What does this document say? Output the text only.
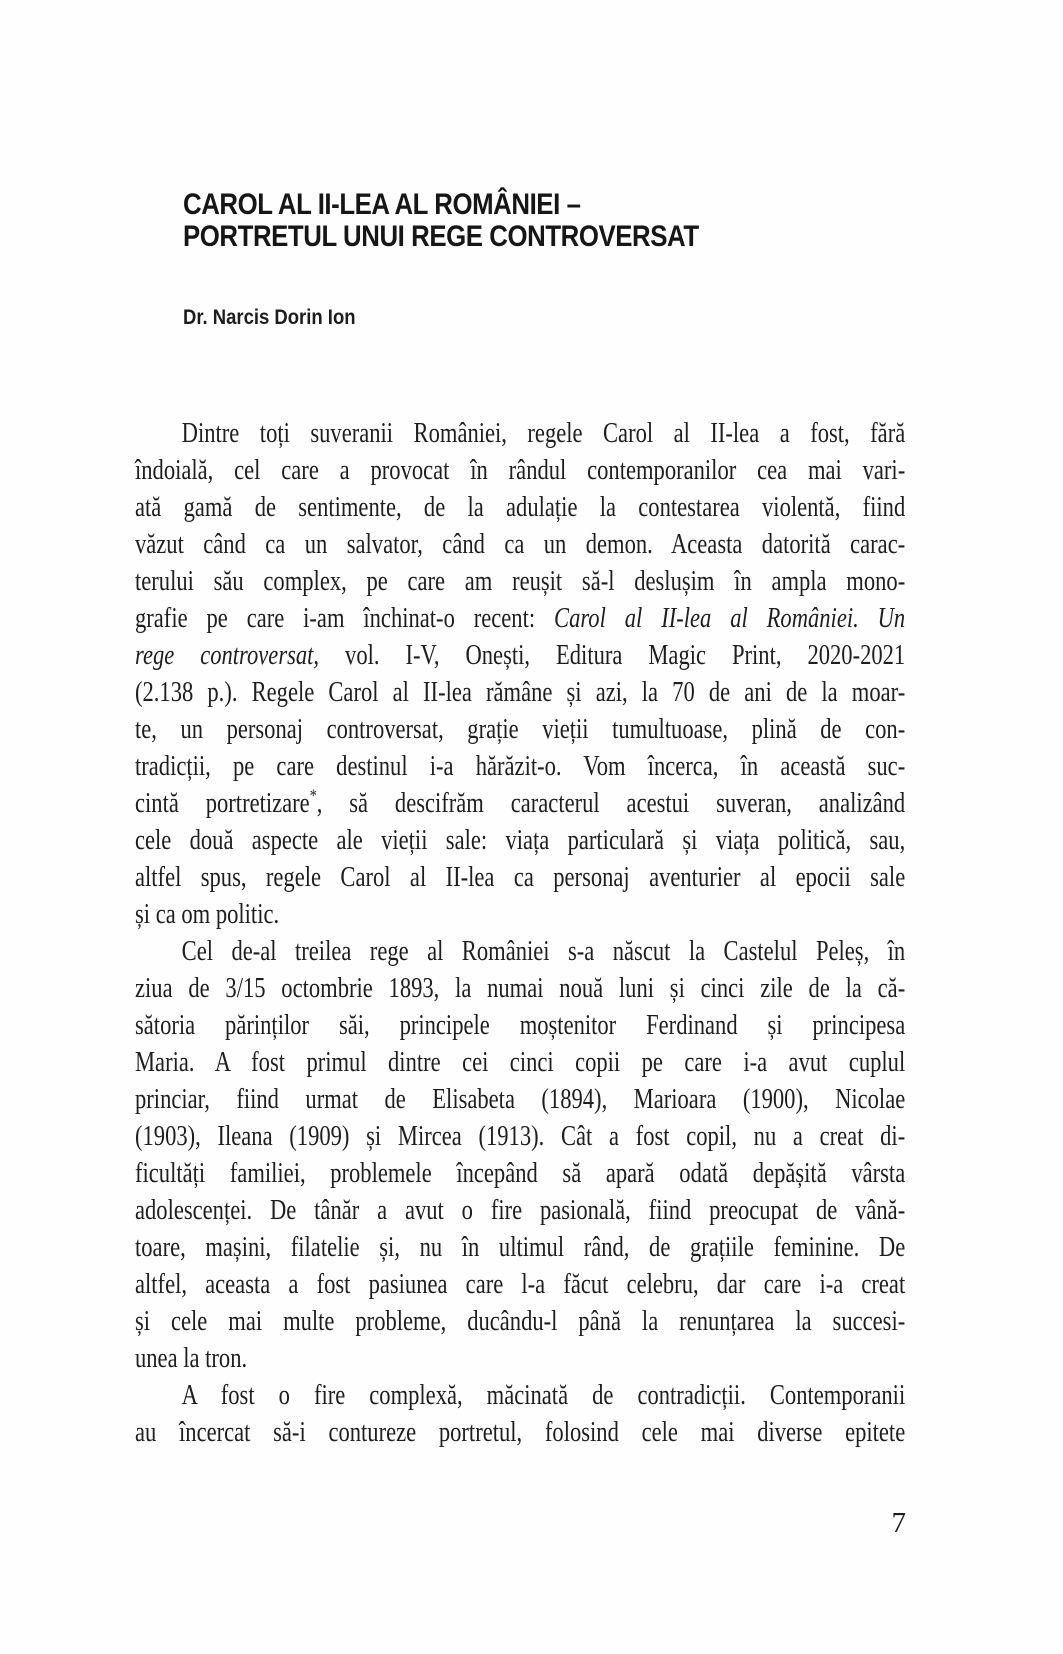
CAROL AL II-LEA AL ROMÂNIEI –
PORTRETUL UNUI REGE CONTROVERSAT
Dr. Narcis Dorin Ion
Dintre toți suveranii României, regele Carol al II-lea a fost, fără
îndoială, cel care a provocat în rândul contemporanilor cea mai vari-
ată gamă de sentimente, de la adulație la contestarea violentă, fiind
văzut când ca un salvator, când ca un demon. Aceasta datorită carac-
terului său complex, pe care am reușit să-l deslușim în ampla mono-
grafie pe care i-am închinat-o recent: Carol al II-lea al României. Un
rege controversat, vol. I-V, Onești, Editura Magic Print, 2020-2021
(2.138 p.). Regele Carol al II-lea rămâne și azi, la 70 de ani de la moar-
te, un personaj controversat, grație vieții tumultuoase, plină de con-
tradicții, pe care destinul i-a hărăzit-o. Vom încerca, în această suc-
cintă portretizare*, să descifrăm caracterul acestui suveran, analizând
cele două aspecte ale vieții sale: viața particulară și viața politică, sau,
altfel spus, regele Carol al II-lea ca personaj aventurier al epocii sale
și ca om politic.
Cel de-al treilea rege al României s-a născut la Castelul Peleș, în
ziua de 3/15 octombrie 1893, la numai nouă luni și cinci zile de la că-
sătoria părinților săi, principele moștenitor Ferdinand și principesa
Maria. A fost primul dintre cei cinci copii pe care i-a avut cuplul
princiar, fiind urmat de Elisabeta (1894), Marioara (1900), Nicolae
(1903), Ileana (1909) și Mircea (1913). Cât a fost copil, nu a creat di-
ficultăți familiei, problemele începând să apară odată depășită vârsta
adolescenței. De tânăr a avut o fire pasională, fiind preocupat de vână-
toare, mașini, filatelie și, nu în ultimul rând, de grațiile feminine. De
altfel, aceasta a fost pasiunea care l-a făcut celebru, dar care i-a creat
și cele mai multe probleme, ducându-l până la renunțarea la succesi-
unea la tron.
A fost o fire complexă, măcinată de contradicții. Contemporanii
au încercat să-i contureze portretul, folosind cele mai diverse epitete
7
